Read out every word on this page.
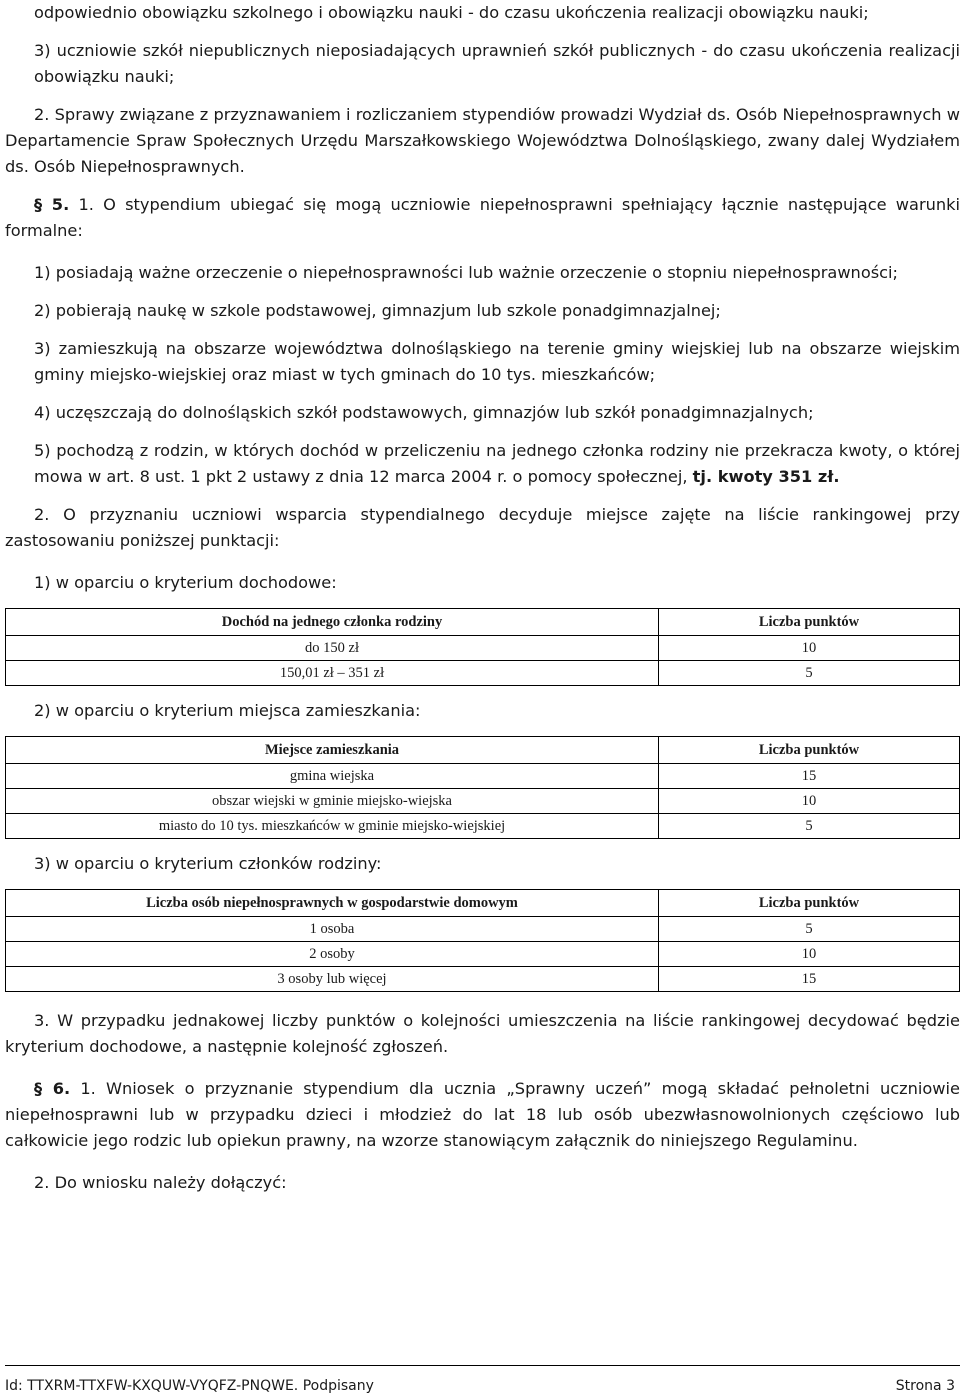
odpowiednio obowiązku szkolnego i obowiązku nauki - do czasu ukończenia realizacji obowiązku nauki;

3) uczniowie szkół niepublicznych nieposiadających uprawnień szkół publicznych - do czasu ukończenia realizacji obowiązku nauki;

2. Sprawy związane z przyznawaniem i rozliczaniem stypendiów prowadzi Wydział ds. Osób Niepełnosprawnych w Departamencie Spraw Społecznych Urzędu Marszałkowskiego Województwa Dolnośląskiego, zwany dalej Wydziałem ds. Osób Niepełnosprawnych.

§ 5. 1. O stypendium ubiegać się mogą uczniowie niepełnosprawni spełniający łącznie następujące warunki formalne:

1) posiadają ważne orzeczenie o niepełnosprawności lub ważnie orzeczenie o stopniu niepełnosprawności;

2) pobierają naukę w szkole podstawowej, gimnazjum lub szkole ponadgimnazjalnej;

3) zamieszkują na obszarze województwa dolnośląskiego na terenie gminy wiejskiej lub na obszarze wiejskim gminy miejsko-wiejskiej oraz miast w tych gminach do 10 tys. mieszkańców;

4) uczęszczają do dolnośląskich szkół podstawowych, gimnazjów lub szkół ponadgimnazjalnych;

5) pochodzą z rodzin, w których dochód w przeliczeniu na jednego członka rodziny nie przekracza kwoty, o której mowa w art. 8 ust. 1 pkt 2 ustawy z dnia 12 marca 2004 r. o pomocy społecznej, tj. kwoty 351 zł.

2. O przyznaniu uczniowi wsparcia stypendialnego decyduje miejsce zajęte na liście rankingowej przy zastosowaniu poniższej punktacji:

1) w oparciu o kryterium dochodowe:

Dochód na jednego członka rodziny	Liczba punktów
do 150 zł	10
150,01 zł – 351 zł	5

2) w oparciu o kryterium miejsca zamieszkania:

Miejsce zamieszkania	Liczba punktów
gmina wiejska	15
obszar wiejski w gminie miejsko-wiejska	10
miasto do 10 tys. mieszkańców w gminie miejsko-wiejskiej	5

3) w oparciu o kryterium członków rodziny:

Liczba osób niepełnosprawnych w gospodarstwie domowym	Liczba punktów
1 osoba	5
2 osoby	10
3 osoby lub więcej	15

3. W przypadku jednakowej liczby punktów o kolejności umieszczenia na liście rankingowej decydować będzie kryterium dochodowe, a następnie kolejność zgłoszeń.

§ 6. 1. Wniosek o przyznanie stypendium dla ucznia „Sprawny uczeń” mogą składać pełnoletni uczniowie niepełnosprawni lub w przypadku dzieci i młodzież do lat 18 lub osób ubezwłasnowolnionych częściowo lub całkowicie jego rodzic lub opiekun prawny, na wzorze stanowiącym załącznik do niniejszego Regulaminu.

2. Do wniosku należy dołączyć:

Id: TTXRM-TTXFW-KXQUW-VYQFZ-PNQWE. Podpisany	Strona 3
